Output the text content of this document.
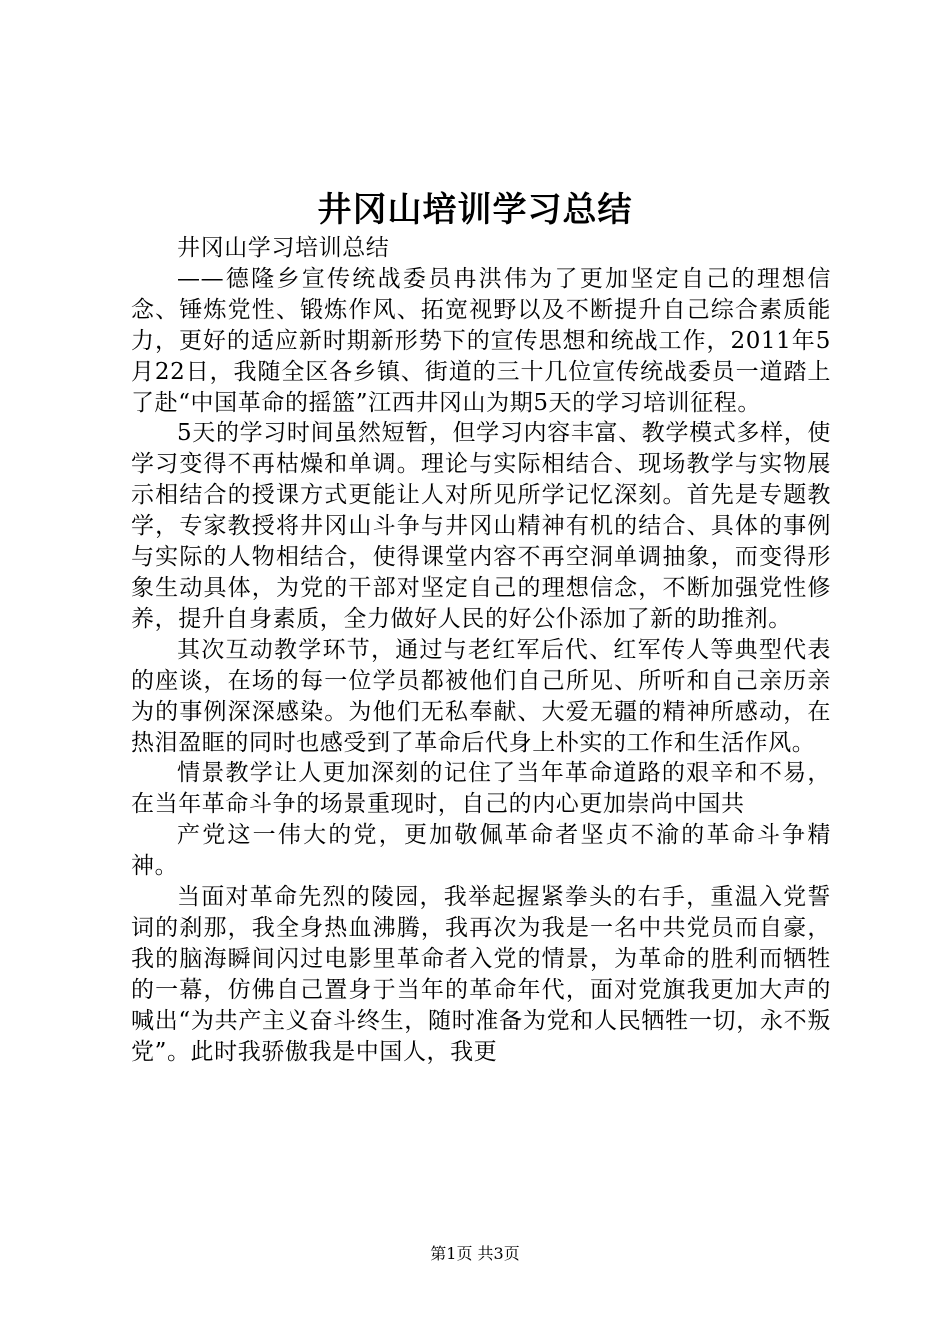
井冈山培训学习总结

井冈山学习培训总结

——德隆乡宣传统战委员冉洪伟为了更加坚定自己的理想信念、锤炼党性、锻炼作风、拓宽视野以及不断提升自己综合素质能力，更好的适应新时期新形势下的宣传思想和统战工作，2011年5月22日，我随全区各乡镇、街道的三十几位宣传统战委员一道踏上了赴“中国革命的摇篮”江西井冈山为期5天的学习培训征程。

5天的学习时间虽然短暂，但学习内容丰富、教学模式多样，使学习变得不再枯燥和单调。理论与实际相结合、现场教学与实物展示相结合的授课方式更能让人对所见所学记忆深刻。首先是专题教学，专家教授将井冈山斗争与井冈山精神有机的结合、具体的事例与实际的人物相结合，使得课堂内容不再空洞单调抽象，而变得形象生动具体，为党的干部对坚定自己的理想信念，不断加强党性修养，提升自身素质，全力做好人民的好公仆添加了新的助推剂。

其次互动教学环节，通过与老红军后代、红军传人等典型代表的座谈，在场的每一位学员都被他们自己所见、所听和自己亲历亲为的事例深深感染。为他们无私奉献、大爱无疆的精神所感动，在热泪盈眶的同时也感受到了革命后代身上朴实的工作和生活作风。

情景教学让人更加深刻的记住了当年革命道路的艰辛和不易，在当年革命斗争的场景重现时，自己的内心更加崇尚中国共

产党这一伟大的党，更加敬佩革命者坚贞不渝的革命斗争精神。

当面对革命先烈的陵园，我举起握紧拳头的右手，重温入党誓词的刹那，我全身热血沸腾，我再次为我是一名中共党员而自豪，我的脑海瞬间闪过电影里革命者入党的情景，为革命的胜利而牺牲的一幕，仿佛自己置身于当年的革命年代，面对党旗我更加大声的喊出“为共产主义奋斗终生，随时准备为党和人民牺牲一切，永不叛党”。此时我骄傲我是中国人，我更

第1页 共3页
